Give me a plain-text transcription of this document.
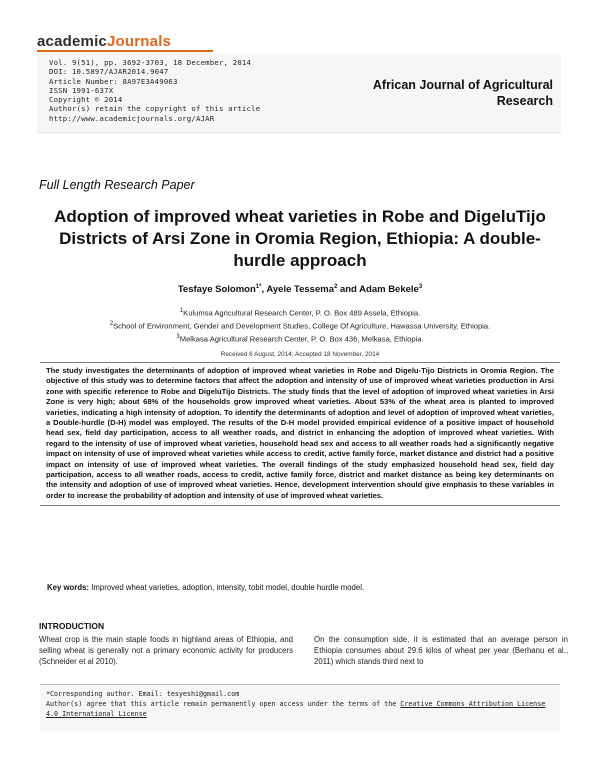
academicJournals
Vol. 9(51), pp. 3692-3703, 18 December, 2014
DOI: 10.5897/AJAR2014.9047
Article Number: 8A97E3A49063
ISSN 1991-637X
Copyright © 2014
Author(s) retain the copyright of this article
http://www.academicjournals.org/AJAR
African Journal of Agricultural
Research
Full Length Research Paper
Adoption of improved wheat varieties in Robe and DigeluTijo Districts of Arsi Zone in Oromia Region, Ethiopia: A double-hurdle approach
Tesfaye Solomon$^{1*}$, Ayele Tessema$^2$ and Adam Bekele$^3$
$^1$Kulumsa Agricultural Research Center, P. O. Box 489 Assela, Ethiopia.
$^2$School of Environment, Gender and Development Studies, College Of Agriculture, Hawassa University, Ethiopia.
$^3$Melkasa Agricultural Research Center, P. O. Box 436, Melkasa, Ethiopia.
Received 6 August, 2014; Accepted 18 November, 2014
The study investigates the determinants of adoption of improved wheat varieties in Robe and Digelu-Tijo Districts in Oromia Region. The objective of this study was to determine factors that affect the adoption and intensity of use of improved wheat varieties production in Arsi zone with specific reference to Robe and DigeluTijo Districts. The study finds that the level of adoption of improved wheat varieties in Arsi Zone is very high; about 68% of the households grow improved wheat varieties. About 53% of the wheat area is planted to improved varieties, indicating a high intensity of adoption. To identify the determinants of adoption and level of adoption of improved wheat varieties, a Double-hurdle (D-H) model was employed. The results of the D-H model provided empirical evidence of a positive impact of household head sex, field day participation, access to all weather roads, and district in enhancing the adoption of improved wheat varieties. With regard to the intensity of use of improved wheat varieties, household head sex and access to all weather roads had a significantly negative impact on intensity of use of improved wheat varieties while access to credit, active family force, market distance and district had a positive impact on intensity of use of improved wheat varieties. The overall findings of the study emphasized household head sex, field day participation, access to all weather roads, access to credit, active family force, district and market distance as being key determinants on the intensity and adoption of use of improved wheat varieties. Hence, development intervention should give emphasis to these variables in order to increase the probability of adoption and intensity of use of improved wheat varieties.
Key words: Improved wheat varieties, adoption, intensity, tobit model, double hurdle model.
INTRODUCTION
Wheat crop is the main staple foods in highland areas of Ethiopia, and selling wheat is generally not a primary economic activity for producers (Schneider et al 2010).
On the consumption side, it is estimated that an average person in Ethiopia consumes about 29.6 kilos of wheat per year (Berhanu et al., 2011) which stands third next to
*Corresponding author. Email: tesyeshi@gmail.com
Author(s) agree that this article remain permanently open access under the terms of the Creative Commons Attribution License 4.0 International License
